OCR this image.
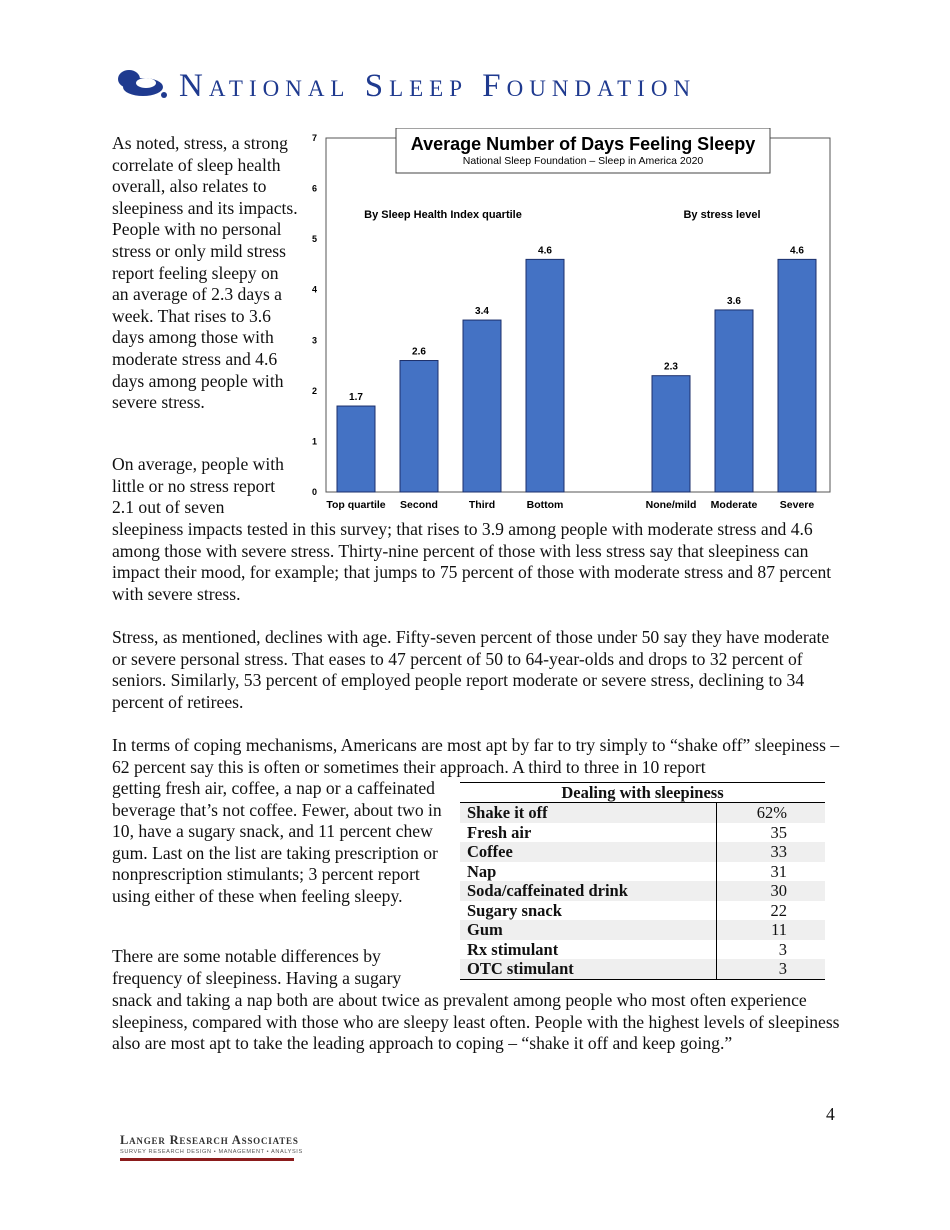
National Sleep Foundation

As noted, stress, a strong correlate of sleep health overall, also relates to sleepiness and its impacts. People with no personal stress or only mild stress report feeling sleepy on an average of 2.3 days a week. That rises to 3.6 days among those with moderate stress and 4.6 days among people with severe stress.

On average, people with little or no stress report 2.1 out of seven

sleepiness impacts tested in this survey; that rises to 3.9 among people with moderate stress and 4.6 among those with severe stress. Thirty-nine percent of those with less stress say that sleepiness can impact their mood, for example; that jumps to 75 percent of those with moderate stress and 87 percent with severe stress.

Stress, as mentioned, declines with age. Fifty-seven percent of those under 50 say they have moderate or severe personal stress. That eases to 47 percent of 50 to 64-year-olds and drops to 32 percent of seniors. Similarly, 53 percent of employed people report moderate or severe stress, declining to 34 percent of retirees.

In terms of coping mechanisms, Americans are most apt by far to try simply to “shake off” sleepiness – 62 percent say this is often or sometimes their approach. A third to three in 10 report

getting fresh air, coffee, a nap or a caffeinated beverage that’s not coffee. Fewer, about two in 10, have a sugary snack, and 11 percent chew gum. Last on the list are taking prescription or nonprescription stimulants; 3 percent report using either of these when feeling sleepy.

There are some notable differences by frequency of sleepiness. Having a sugary

snack and taking a nap both are about twice as prevalent among people who most often experience sleepiness, compared with those who are sleepy least often. People with the highest levels of sleepiness also are most apt to take the leading approach to coping – “shake it off and keep going.”

0
1
2
3
4
5
6
7
1.7
2.6
3.4
4.6
2.3
3.6
4.6
Top quartile Second	Third	Bottom	None/mild Moderate Severe
By Sleep Health Index quartile	By stress level
Average Number of Days Feeling Sleepy
National Sleep Foundation – Sleep in America 2020
Dealing with sleepiness
Shake it off	62%
Fresh air	35
Coffee	33
Nap	31
Soda/caffeinated drink	30
Sugary snack	22
Gum	11
Rx stimulant	3
OTC stimulant	3
4
Langer Research Associates
SURVEY RESEARCH DESIGN • MANAGEMENT • ANALYSIS
